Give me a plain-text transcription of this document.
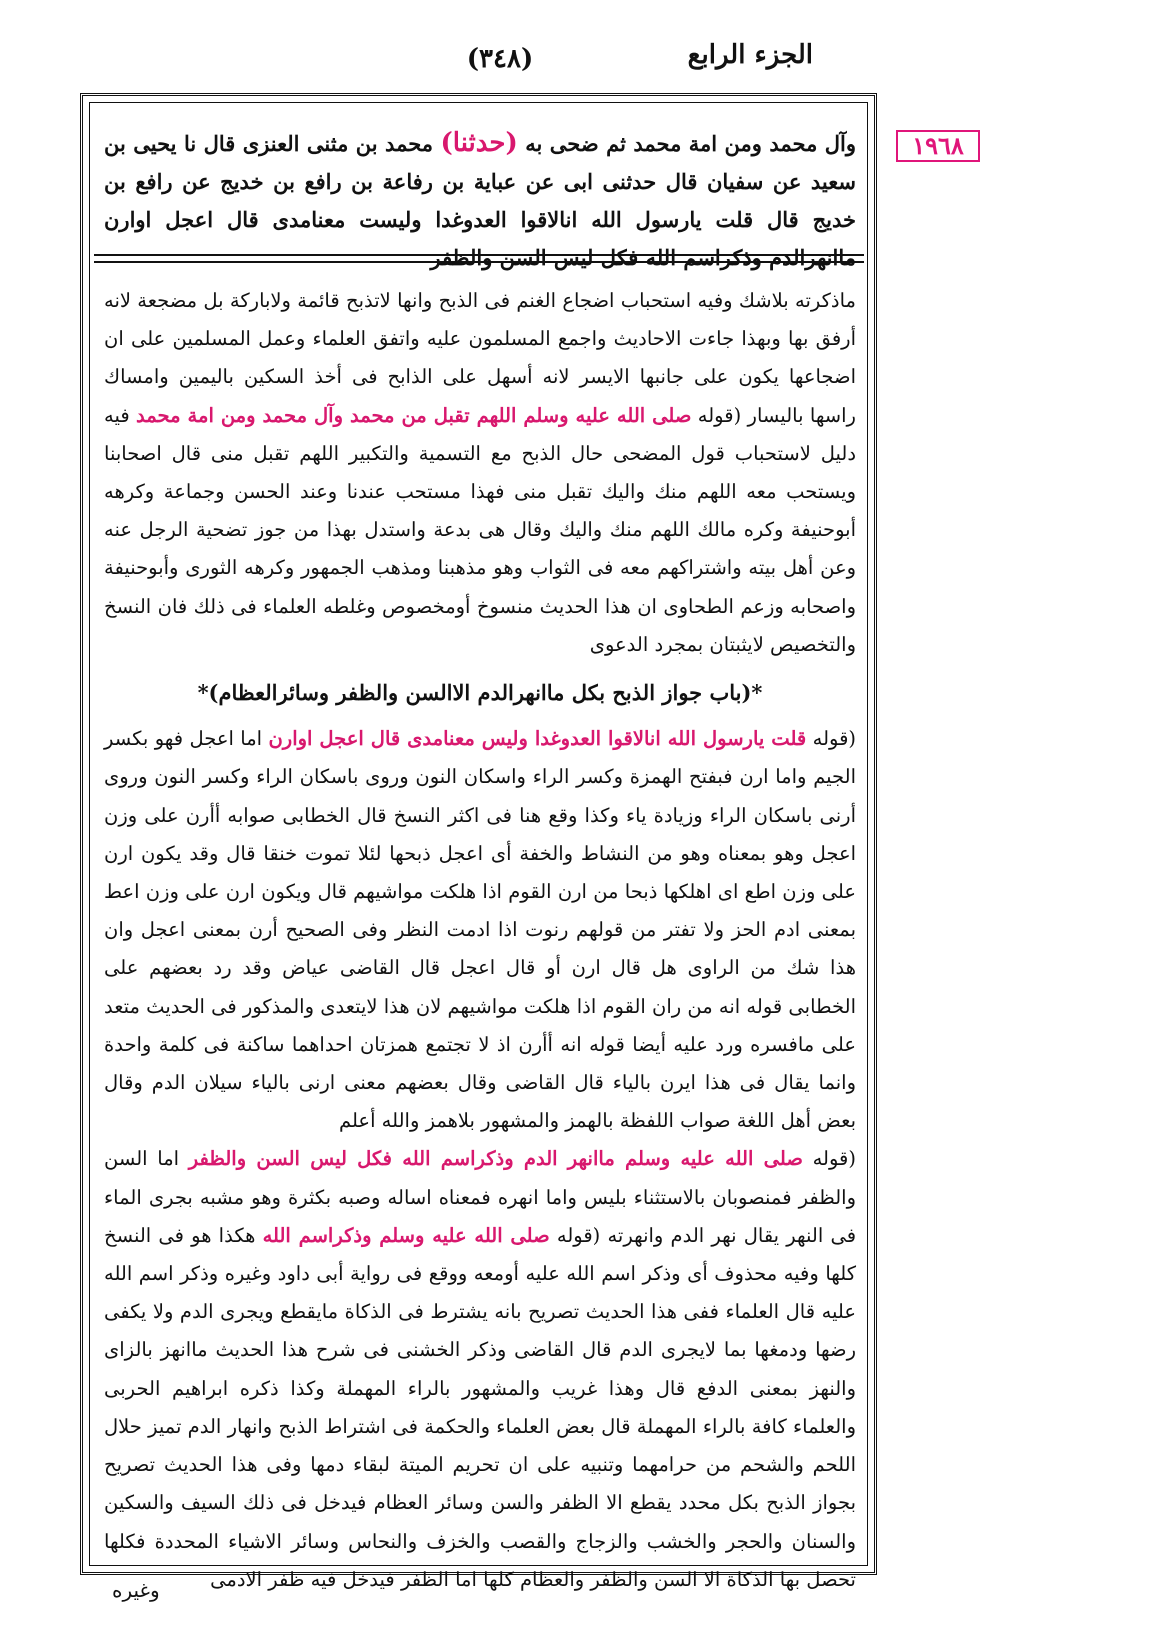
الجزء الرابع
(٣٤٨)
١٩٦٨
وآل محمد ومن امة محمد ثم ضحى به (حدثنا) محمد بن مثنى العنزى قال نا يحيى بن سعيد عن سفيان قال حدثنى ابى عن عباية بن رفاعة بن رافع بن خديج عن رافع بن خديج قال قلت يارسول الله انالاقوا العدوغدا وليست معنامدى قال اعجل اوارن ماانهرالدم وذكراسم الله فكل ليس السن والظفر

ماذكرته بلاشك وفيه استحباب اضجاع الغنم فى الذبح وانها لاتذبح قائمة ولاباركة بل مضجعة لانه أرفق بها وبهذا جاءت الاحاديث واجمع المسلمون عليه واتفق العلماء وعمل المسلمين على ان اضجاعها يكون على جانبها الايسر لانه أسهل على الذابح فى أخذ السكين باليمين وامساك راسها باليسار (قوله صلى الله عليه وسلم اللهم تقبل من محمد وآل محمد ومن امة محمد فيه دليل لاستحباب قول المضحى حال الذبح مع التسمية والتكبير اللهم تقبل منى قال اصحابنا ويستحب معه اللهم منك واليك تقبل منى فهذا مستحب عندنا وعند الحسن وجماعة وكرهه أبوحنيفة وكره مالك اللهم منك واليك وقال هى بدعة واستدل بهذا من جوز تضحية الرجل عنه وعن أهل بيته واشتراكهم معه فى الثواب وهو مذهبنا ومذهب الجمهور وكرهه الثورى وأبوحنيفة واصحابه وزعم الطحاوى ان هذا الحديث منسوخ أومخصوص وغلطه العلماء فى ذلك فان النسخ والتخصيص لايثبتان بمجرد الدعوى

*(باب جواز الذبح بكل ماانهرالدم الاالسن والظفر وسائرالعظام)*

(قوله قلت يارسول الله انالاقوا العدوغدا وليس معنامدى قال اعجل اوارن اما اعجل فهو بكسر الجيم واما ارن فبفتح الهمزة وكسر الراء واسكان النون وروى باسكان الراء وكسر النون وروى أرنى باسكان الراء وزيادة ياء وكذا وقع هنا فى اكثر النسخ قال الخطابى صوابه أأرن على وزن اعجل وهو بمعناه وهو من النشاط والخفة أى اعجل ذبحها لئلا تموت خنقا قال وقد يكون ارن على وزن اطع اى اهلكها ذبحا من ارن القوم اذا هلكت مواشيهم قال ويكون ارن على وزن اعط بمعنى ادم الحز ولا تفتر من قولهم رنوت اذا ادمت النظر وفى الصحيح أرن بمعنى اعجل وان هذا شك من الراوى هل قال ارن أو قال اعجل قال القاضى عياض وقد رد بعضهم على الخطابى قوله انه من ران القوم اذا هلكت مواشيهم لان هذا لايتعدى والمذكور فى الحديث متعد على مافسره ورد عليه أيضا قوله انه أأرن اذ لا تجتمع همزتان احداهما ساكنة فى كلمة واحدة وانما يقال فى هذا ايرن بالياء قال القاضى وقال بعضهم معنى ارنى بالياء سيلان الدم وقال بعض أهل اللغة صواب اللفظة بالهمز والمشهور بلاهمز والله أعلم

(قوله صلى الله عليه وسلم ماانهر الدم وذكراسم الله فكل ليس السن والظفر اما السن والظفر فمنصوبان بالاستثناء بليس واما انهره فمعناه اساله وصبه بكثرة وهو مشبه بجرى الماء فى النهر يقال نهر الدم وانهرته (قوله صلى الله عليه وسلم وذكراسم الله هكذا هو فى النسخ كلها وفيه محذوف أى وذكر اسم الله عليه أومعه ووقع فى رواية أبى داود وغيره وذكر اسم الله عليه قال العلماء ففى هذا الحديث تصريح بانه يشترط فى الذكاة مايقطع ويجرى الدم ولا يكفى رضها ودمغها بما لايجرى الدم قال القاضى وذكر الخشنى فى شرح هذا الحديث ماانهز بالزاى والنهز بمعنى الدفع قال وهذا غريب والمشهور بالراء المهملة وكذا ذكره ابراهيم الحربى والعلماء كافة بالراء المهملة قال بعض العلماء والحكمة فى اشتراط الذبح وانهار الدم تميز حلال اللحم والشحم من حرامهما وتنبيه على ان تحريم الميتة لبقاء دمها وفى هذا الحديث تصريح بجواز الذبح بكل محدد يقطع الا الظفر والسن وسائر العظام فيدخل فى ذلك السيف والسكين والسنان والحجر والخشب والزجاج والقصب والخزف والنحاس وسائر الاشياء المحددة فكلها تحصل بها الذكاة الا السن والظفر والعظام كلها اما الظفر فيدخل فيه ظفر الادمى

وغيره
